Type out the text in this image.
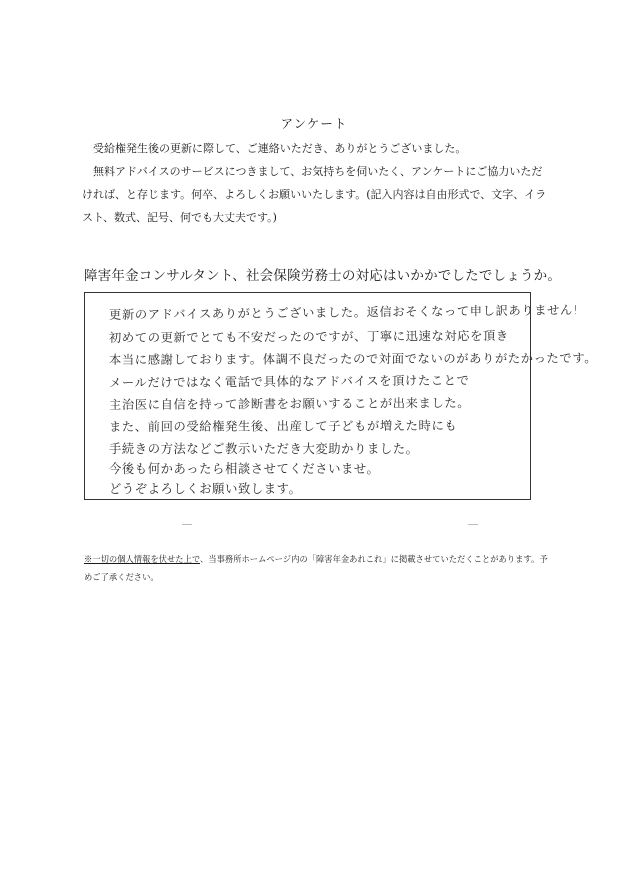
アンケート

受給権発生後の更新に際して、ご連絡いただき、ありがとうございました。

無料アドバイスのサービスにつきまして、お気持ちを伺いたく、アンケートにご協力いただければ、と存じます。何卒、よろしくお願いいたします。(記入内容は自由形式で、文字、イラスト、数式、記号、何でも大丈夫です。)

障害年金コンサルタント、社会保険労務士の対応はいかかでしたでしょうか。

更新のアドバイスありがとうございました。返信おそくなって申し訳ありません!

初めての更新でとても不安だったのですが、丁寧に迅速な対応を頂き

本当に感謝しております。体調不良だったので対面でないのがありがたかったです。

メールだけではなく電話で具体的なアドバイスを頂けたことで

主治医に自信を持って診断書をお願いすることが出来ました。

また、前回の受給権発生後、出産して子どもが増えた時にも

手続きの方法などご教示いただき大変助かりました。

今後も何かあったら相談させてくださいませ。

どうぞよろしくお願い致します。

※一切の個人情報を伏せた上で、当事務所ホームページ内の「障害年金あれこれ」に掲載させていただくことがあります。予めご了承ください。
